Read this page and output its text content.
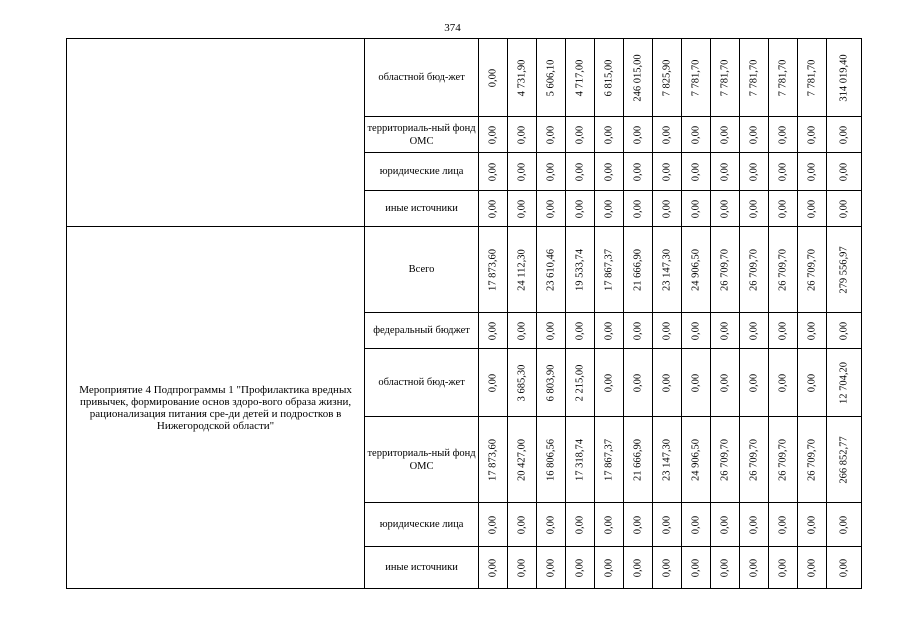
374
	областной бюд-жет	0,00	4 731,90	5 606,10	4 717,00	6 815,00	246 015,00	7 825,90	7 781,70	7 781,70	7 781,70	7 781,70	7 781,70	314 019,40

	территориаль-ный фонд ОМС	0,00	0,00	0,00	0,00	0,00	0,00	0,00	0,00	0,00	0,00	0,00	0,00	0,00

	юридические лица	0,00	0,00	0,00	0,00	0,00	0,00	0,00	0,00	0,00	0,00	0,00	0,00	0,00

	иные источники	0,00	0,00	0,00	0,00	0,00	0,00	0,00	0,00	0,00	0,00	0,00	0,00	0,00

Мероприятие 4 Подпрограммы 1 "Профилактика вредных привычек, формирование основ здоро-вого образа жизни, рационализация питания сре-ди детей и подростков в Нижегородской области"	Всего	17 873,60	24 112,30	23 610,46	19 533,74	17 867,37	21 666,90	23 147,30	24 906,50	26 709,70	26 709,70	26 709,70	26 709,70	279 556,97

	федеральный бюджет	0,00	0,00	0,00	0,00	0,00	0,00	0,00	0,00	0,00	0,00	0,00	0,00	0,00

	областной бюд-жет	0,00	3 685,30	6 803,90	2 215,00	0,00	0,00	0,00	0,00	0,00	0,00	0,00	0,00	12 704,20

	территориаль-ный фонд ОМС	17 873,60	20 427,00	16 806,56	17 318,74	17 867,37	21 666,90	23 147,30	24 906,50	26 709,70	26 709,70	26 709,70	26 709,70	266 852,77

	юридические лица	0,00	0,00	0,00	0,00	0,00	0,00	0,00	0,00	0,00	0,00	0,00	0,00	0,00

	иные источники	0,00	0,00	0,00	0,00	0,00	0,00	0,00	0,00	0,00	0,00	0,00	0,00	0,00
